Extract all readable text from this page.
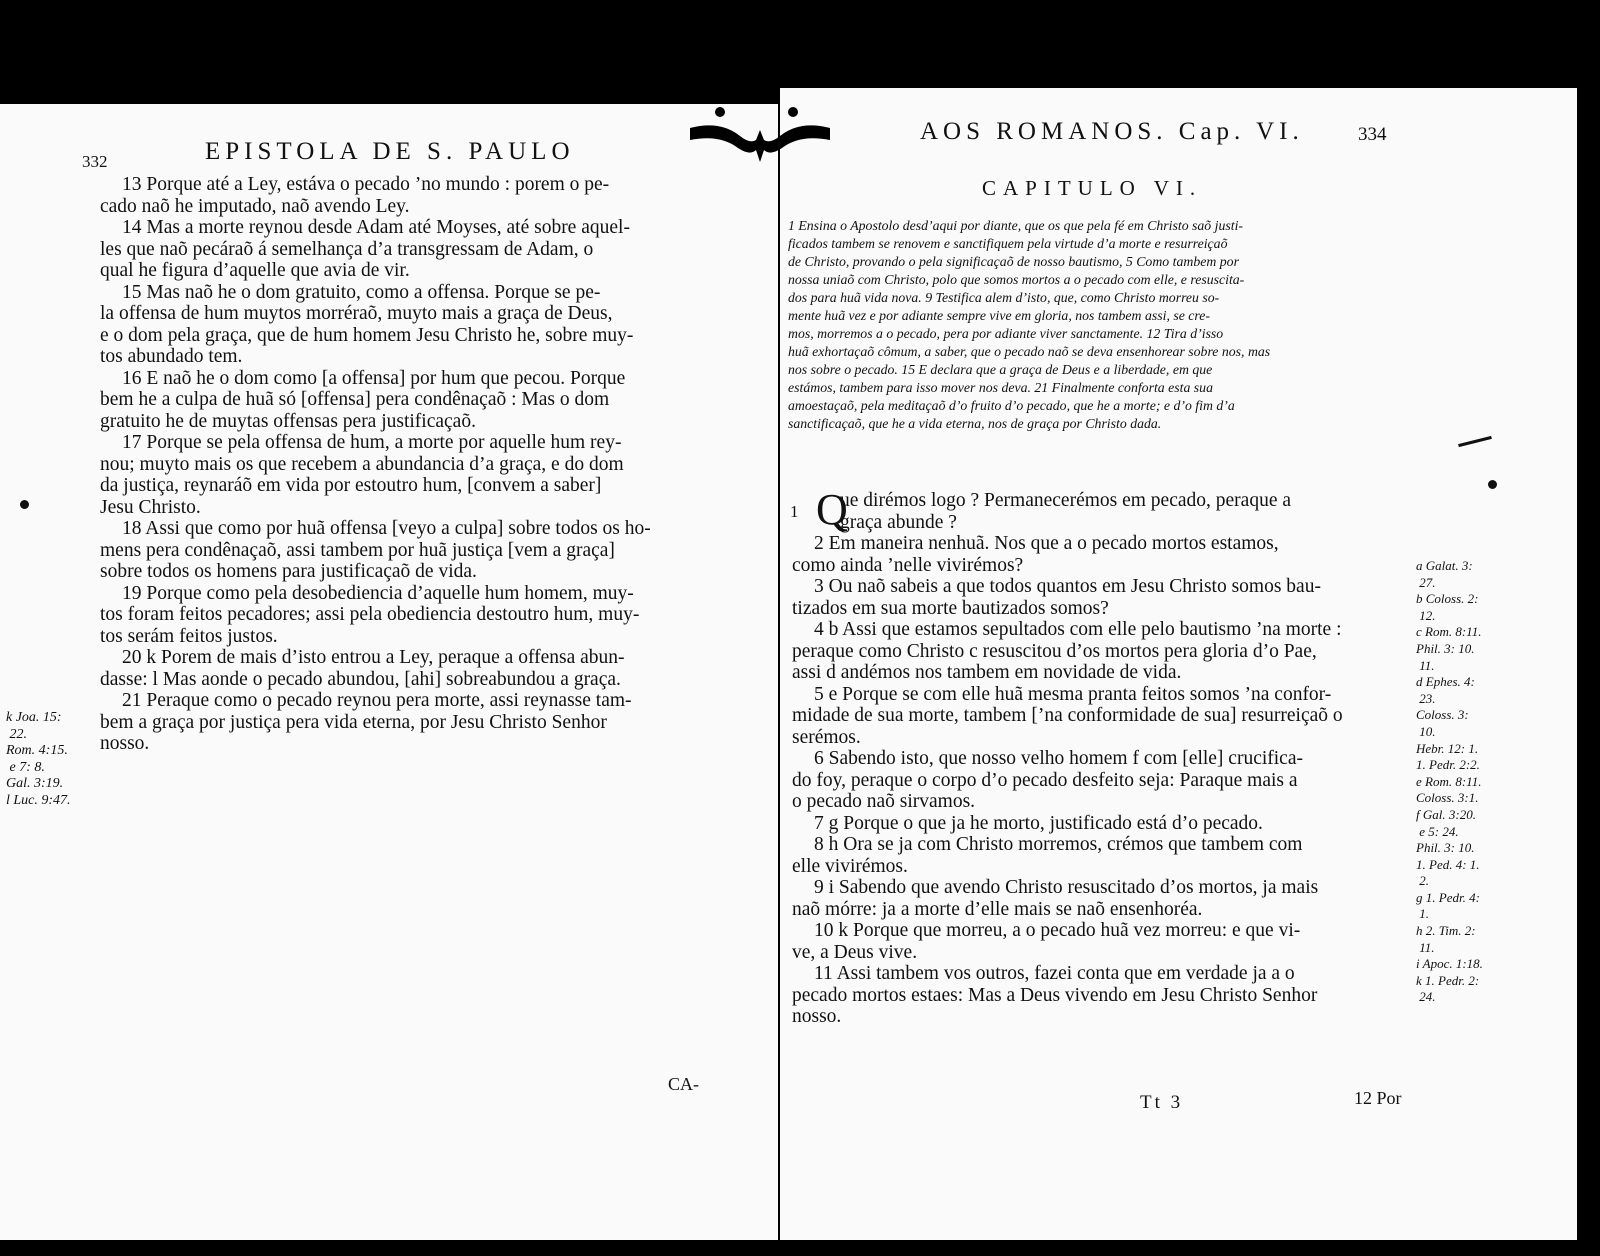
332	EPISTOLA DE S. PAULO
13 Porque até a Ley, estáva o pecado ’no mundo : porem o pe-
cado naõ he imputado, naõ avendo Ley.
14 Mas a morte reynou desde Adam até Moyses, até sobre aquel-
les que naõ pecáraõ á semelhança d’a transgressam de Adam, o
qual he figura d’aquelle que avia de vir.
15 Mas naõ he o dom gratuito, como a offensa. Porque se pe-
la offensa de hum muytos morréraõ, muyto mais a graça de Deus,
e o dom pela graça, que de hum homem Jesu Christo he, sobre muy-
tos abundado tem.
16 E naõ he o dom como [a offensa] por hum que pecou. Porque
bem he a culpa de huã só [offensa] pera condênaçaõ : Mas o dom
gratuito he de muytas offensas pera justificaçaõ.
17 Porque se pela offensa de hum, a morte por aquelle hum rey-
nou; muyto mais os que recebem a abundancia d’a graça, e do dom
da justiça, reynaráõ em vida por estoutro hum, [convem a saber]
Jesu Christo.
18 Assi que como por huã offensa [veyo a culpa] sobre todos os ho-
mens pera condênaçaõ, assi tambem por huã justiça [vem a graça]
sobre todos os homens para justificaçaõ de vida.
19 Porque como pela desobediencia d’aquelle hum homem, muy-
tos foram feitos pecadores; assi pela obediencia destoutro hum, muy-
tos serám feitos justos.
20 k Porem de mais d’isto entrou a Ley, peraque a offensa abun-
dasse: l Mas aonde o pecado abundou, [ahi] sobreabundou a graça.
21 Peraque como o pecado reynou pera morte, assi reynasse tam-
bem a graça por justiça pera vida eterna, por Jesu Christo Senhor
nosso.
k Joa. 15:
22.
Rom. 4:15.
e 7: 8.
Gal. 3:19.
l Luc. 9:47.
CA-
AOS ROMANOS. Cap. VI.	334
CAPITULO VI.
1 Ensina o Apostolo desd’aqui por diante, que os que pela fé em Christo saõ justi-
ficados tambem se renovem e sanctifiquem pela virtude d’a morte e resurreiçaõ
de Christo, provando o pela significaçaõ de nosso bautismo, 5 Como tambem por
nossa uniaõ com Christo, polo que somos mortos a o pecado com elle, e resuscita-
dos para huã vida nova. 9 Testifica alem d’isto, que, como Christo morreu so-
mente huã vez e por adiante sempre vive em gloria, nos tambem assi, se cre-
mos, morremos a o pecado, pera por adiante viver sanctamente. 12 Tira d’isso
huã exhortaçaõ cômum, a saber, que o pecado naõ se deva ensenhorear sobre nos, mas
nos sobre o pecado. 15 E declara que a graça de Deus e a liberdade, em que
estámos, tambem para isso mover nos deva. 21 Finalmente conforta esta sua
amoestaçaõ, pela meditaçaõ d’o fruito d’o pecado, que he a morte; e d’o fim d’a
sanctificaçaõ, que he a vida eterna, nos de graça por Christo dada.
1 Q
ue dirémos logo ? Permanecerémos em pecado, peraque a
graça abunde ?
2 Em maneira nenhuã. Nos que a o pecado mortos estamos,
como ainda ’nelle vivirémos?
3 Ou naõ sabeis a que todos quantos em Jesu Christo somos bau-
tizados em sua morte bautizados somos?
4 b Assi que estamos sepultados com elle pelo bautismo ’na morte :
peraque como Christo c resuscitou d’os mortos pera gloria d’o Pae,
assi d andémos nos tambem em novidade de vida.
5 e Porque se com elle huã mesma pranta feitos somos ’na confor-
midade de sua morte, tambem [’na conformidade de sua] resurreiçaõ o
serémos.
6 Sabendo isto, que nosso velho homem f com [elle] crucifica-
do foy, peraque o corpo d’o pecado desfeito seja: Paraque mais a
o pecado naõ sirvamos.
7 g Porque o que ja he morto, justificado está d’o pecado.
8 h Ora se ja com Christo morremos, crémos que tambem com
elle vivirémos.
9 i Sabendo que avendo Christo resuscitado d’os mortos, ja mais
naõ mórre: ja a morte d’elle mais se naõ ensenhoréa.
10 k Porque que morreu, a o pecado huã vez morreu: e que vi-
ve, a Deus vive.
11 Assi tambem vos outros, fazei conta que em verdade ja a o
pecado mortos estaes: Mas a Deus vivendo em Jesu Christo Senhor
nosso.
a Galat. 3:
27.
b Coloss. 2:
12.
c Rom. 8:11.
Phil. 3: 10.
11.
d Ephes. 4:
23.
Coloss. 3:
10.
Hebr. 12: 1.
1. Pedr. 2:2.
e Rom. 8:11.
Coloss. 3:1.
f Gal. 3:20.
e 5: 24.
Phil. 3: 10.
1. Ped. 4: 1.
2.
g 1. Pedr. 4:
1.
h 2. Tim. 2:
11.
i Apoc. 1:18.
k 1. Pedr. 2:
24.
Tt 3	12 Por
